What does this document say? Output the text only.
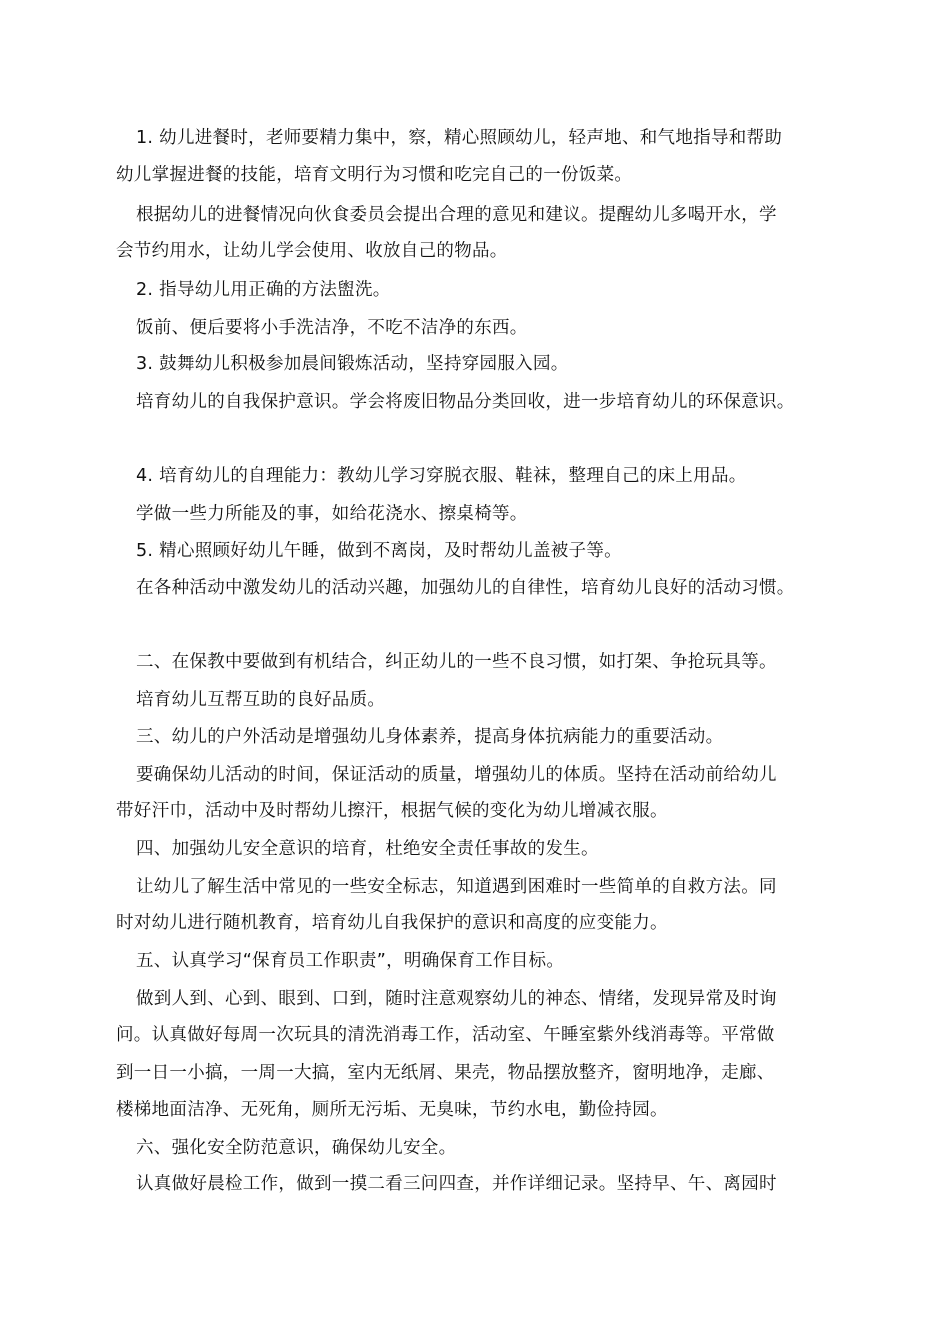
1. 幼儿进餐时，老师要精力集中，察，精心照顾幼儿，轻声地、和气地指导和帮助
幼儿掌握进餐的技能，培育文明行为习惯和吃完自己的一份饭菜。
根据幼儿的进餐情况向伙食委员会提出合理的意见和建议。提醒幼儿多喝开水，学
会节约用水，让幼儿学会使用、收放自己的物品。
2. 指导幼儿用正确的方法盥洗。
饭前、便后要将小手洗洁净，不吃不洁净的东西。
3. 鼓舞幼儿积极参加晨间锻炼活动，坚持穿园服入园。
培育幼儿的自我保护意识。学会将废旧物品分类回收，进一步培育幼儿的环保意识。
4. 培育幼儿的自理能力：教幼儿学习穿脱衣服、鞋袜，整理自己的床上用品。
学做一些力所能及的事，如给花浇水、擦桌椅等。
5. 精心照顾好幼儿午睡，做到不离岗，及时帮幼儿盖被子等。
在各种活动中激发幼儿的活动兴趣，加强幼儿的自律性，培育幼儿良好的活动习惯。
二、在保教中要做到有机结合，纠正幼儿的一些不良习惯，如打架、争抢玩具等。
培育幼儿互帮互助的良好品质。
三、幼儿的户外活动是增强幼儿身体素养，提高身体抗病能力的重要活动。
要确保幼儿活动的时间，保证活动的质量，增强幼儿的体质。坚持在活动前给幼儿
带好汗巾，活动中及时帮幼儿擦汗，根据气候的变化为幼儿增减衣服。
四、加强幼儿安全意识的培育，杜绝安全责任事故的发生。
让幼儿了解生活中常见的一些安全标志，知道遇到困难时一些简单的自救方法。同
时对幼儿进行随机教育，培育幼儿自我保护的意识和高度的应变能力。
五、认真学习“保育员工作职责”，明确保育工作目标。
做到人到、心到、眼到、口到，随时注意观察幼儿的神态、情绪，发现异常及时询
问。认真做好每周一次玩具的清洗消毒工作，活动室、午睡室紫外线消毒等。平常做
到一日一小搞，一周一大搞，室内无纸屑、果壳，物品摆放整齐，窗明地净，走廊、
楼梯地面洁净、无死角，厕所无污垢、无臭味，节约水电，勤俭持园。
六、强化安全防范意识，确保幼儿安全。
认真做好晨检工作，做到一摸二看三问四查，并作详细记录。坚持早、午、离园时
